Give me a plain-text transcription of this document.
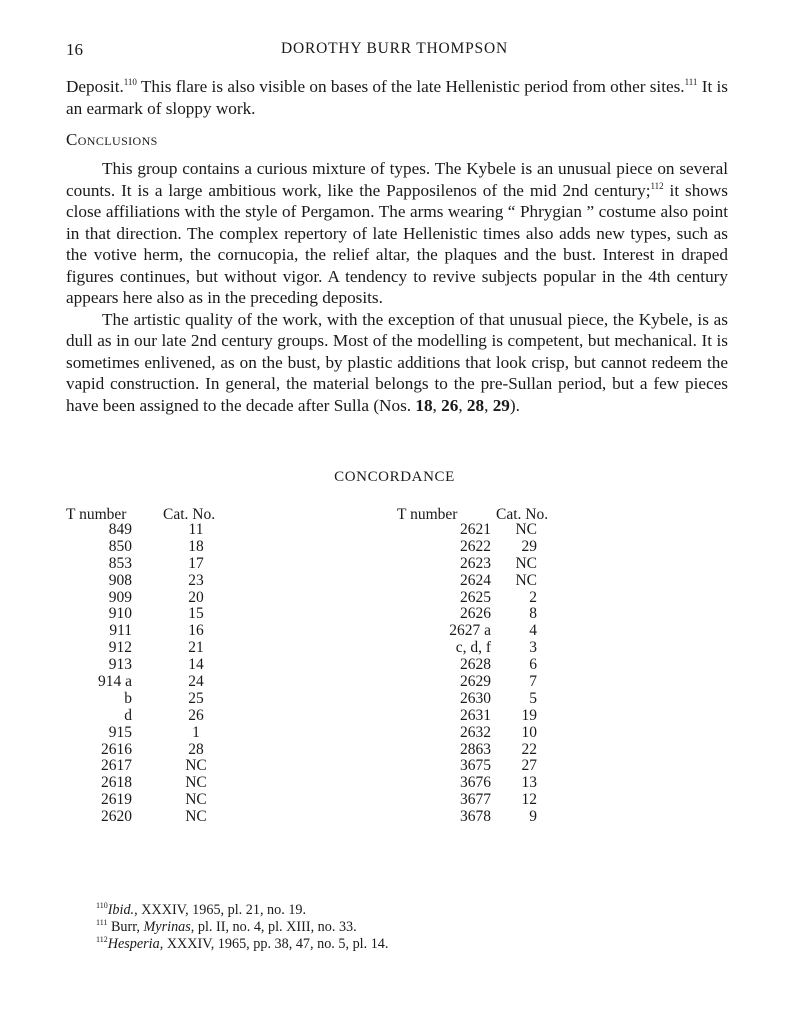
16	DOROTHY BURR THOMPSON

Deposit.$^{110}$ This flare is also visible on bases of the late Hellenistic period from other sites.$^{111}$ It is an earmark of sloppy work.

Conclusions

This group contains a curious mixture of types. The Kybele is an unusual piece on several counts. It is a large ambitious work, like the Papposilenos of the mid 2nd century;$^{112}$ it shows close affiliations with the style of Pergamon. The arms wearing “ Phrygian ” costume also point in that direction. The complex repertory of late Hellenistic times also adds new types, such as the votive herm, the cornucopia, the relief altar, the plaques and the bust. Interest in draped figures continues, but without vigor. A tendency to revive subjects popular in the 4th century appears here also as in the preceding deposits.

The artistic quality of the work, with the exception of that unusual piece, the Kybele, is as dull as in our late 2nd century groups. Most of the modelling is competent, but mechanical. It is sometimes enlivened, as on the bust, by plastic additions that look crisp, but cannot redeem the vapid construction. In general, the material belongs to the pre-Sullan period, but a few pieces have been assigned to the decade after Sulla (Nos. 18, 26, 28, 29).

CONCORDANCE
T number Cat. No.	T number Cat. No.
849
850
853
908
909
910
911
912
913
914 a
b
d
915
2616
2617
2618
2619
2620
11
18
17
23
20
15
16
21
14
24
25
26
1
28
NC
NC
NC
NC
2621
2622
2623
2624
2625
2626
2627 a
c, d, f
2628
2629
2630
2631
2632
2863
3675
3676
3677
3678
NC
29
NC
NC
2
8
4
3
6
7
5
19
10
22
27
13
12
9
$^{110}$Ibid., XXXIV, 1965, pl. 21, no. 19.
$^{111}$ Burr, Myrinas, pl. II, no. 4, pl. XIII, no. 33.
$^{112}$Hesperia, XXXIV, 1965, pp. 38, 47, no. 5, pl. 14.
